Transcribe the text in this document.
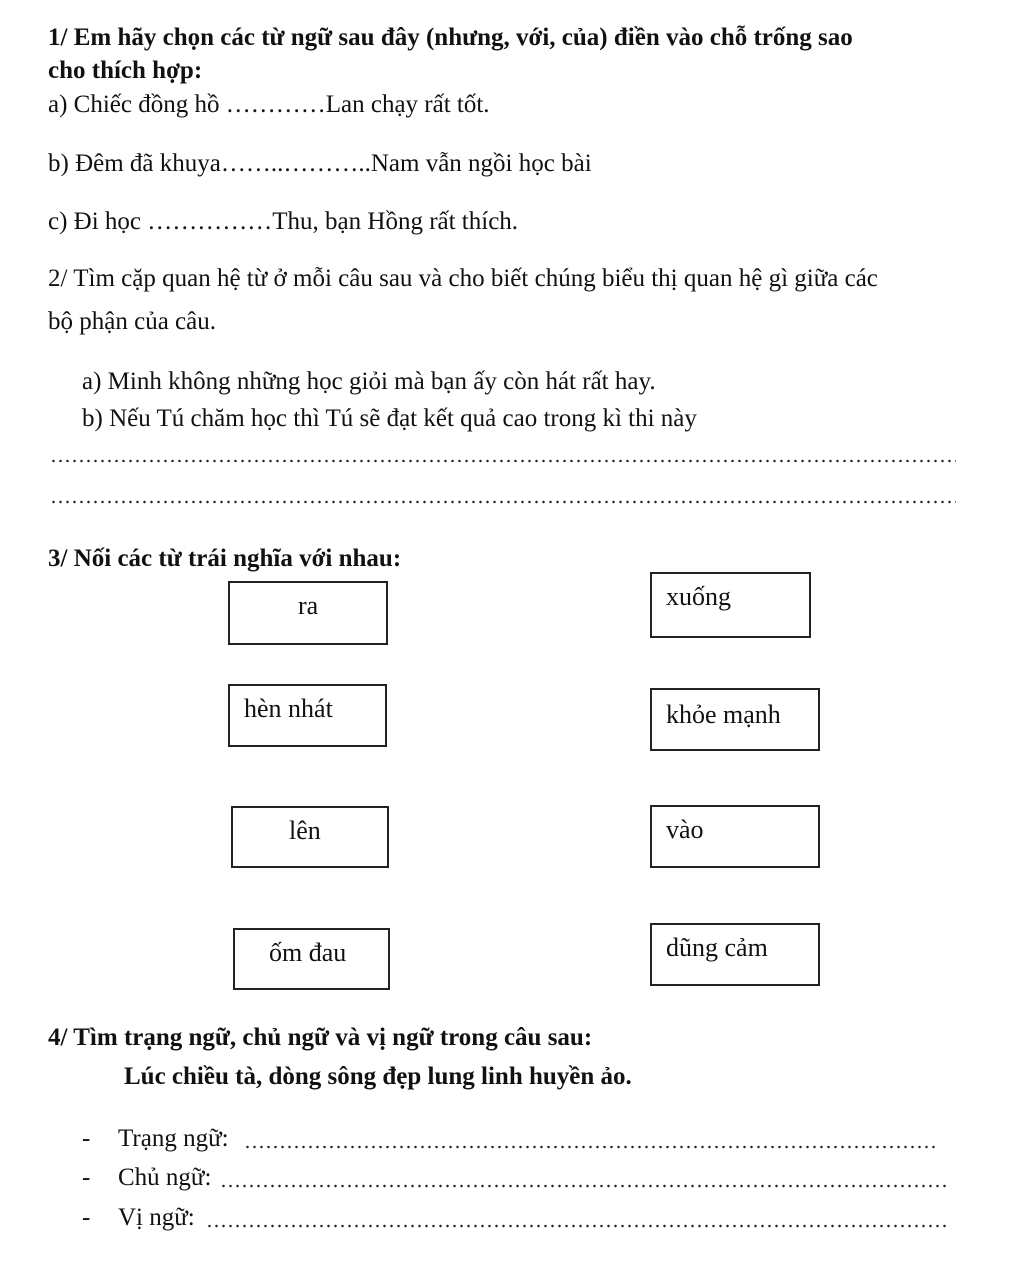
1/ Em hãy chọn các từ ngữ sau đây (nhưng, với, của) điền vào chỗ trống sao
cho thích hợp:
a) Chiếc đồng hồ …………Lan chạy rất tốt.
b) Đêm đã khuya……..………..Nam vẫn ngồi học bài
c) Đi học ……………Thu, bạn Hồng rất thích.
2/ Tìm cặp quan hệ từ ở mỗi câu sau và cho biết chúng biểu thị quan hệ gì giữa các
bộ phận của câu.
a) Minh không những học giỏi mà bạn ấy còn hát rất hay.
b) Nếu Tú chăm học thì Tú sẽ đạt kết quả cao trong kì thi này
3/ Nối các từ trái nghĩa với nhau:
ra
hèn nhát
lên
ốm đau
xuống
khỏe mạnh
vào
dũng cảm
4/ Tìm trạng ngữ, chủ ngữ và vị ngữ trong câu sau:
Lúc chiều tà, dòng sông đẹp lung linh huyền ảo.
- Trạng ngữ:
- Chủ ngữ:
- Vị ngữ:
